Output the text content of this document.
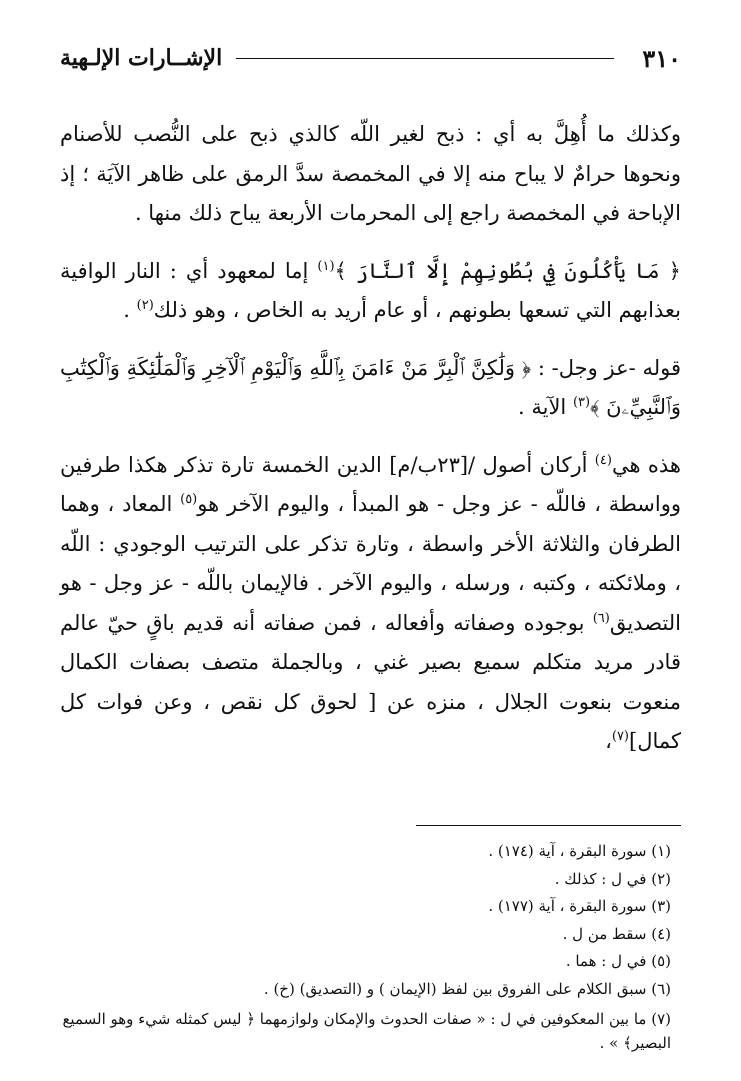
٣١٠
الإشــارات الإلـهية

وكذلك ما أُهِلَّ به أي : ذبح لغير اللّه كالذي ذبح على النُّصب للأصنام ونحوها حرامٌ لا يباح منه إلا في المخمصة سدَّ الرمق على ظاهر الآيَة ؛ إذ الإباحة في المخمصة راجع إلى المحرمات الأربعة يباح ذلك منها .

﴿ مَا يَأْكُلُونَ فِي بُطُونِهِمْ إِلَّا ٱلنَّارَ ﴾$^{(١)}$ إما لمعهود أي : النار الوافية بعذابهم التي تسعها بطونهم ، أو عام أريد به الخاص ، وهو ذلك$^{(٢)}$ .

قوله -عز وجل- : ﴿ وَلَٰكِنَّ ٱلْبِرَّ مَنْ ءَامَنَ بِٱللَّهِ وَٱلْيَوْمِ ٱلْآخِرِ وَٱلْمَلَٰٓئِكَةِ وَٱلْكِتَٰبِ وَٱلنَّبِيِّۦنَ ﴾$^{(٣)}$ الآية .

هذه هي$^{(٤)}$ أركان أصول /[٢٣ب/م] الدين الخمسة تارة تذكر هكذا طرفين وواسطة ، فاللّه - عز وجل - هو المبدأ ، واليوم الآخر هو$^{(٥)}$ المعاد ، وهما الطرفان والثلاثة الأخر واسطة ، وتارة تذكر على الترتيب الوجودي : اللّه ، وملائكته ، وكتبه ، ورسله ، واليوم الآخر . فالإيمان باللّه - عز وجل - هو التصديق$^{(٦)}$ بوجوده وصفاته وأفعاله ، فمن صفاته أنه قديم باقٍ حيّ عالم قادر مريد متكلم سميع بصير غني ، وبالجملة متصف بصفات الكمال منعوت بنعوت الجلال ، منزه عن [ لحوق كل نقص ، وعن فوات كل كمال]$^{(٧)}$،

(١) سورة البقرة ، آية (١٧٤) .

(٢) في ل : كذلك .

(٣) سورة البقرة ، آية (١٧٧) .

(٤) سقط من ل .

(٥) في ل : هما .

(٦) سبق الكلام على الفروق بين لفظ (الإيمان ) و (التصديق) (خ) .

(٧) ما بين المعكوفين في ل : « صفات الحدوث والإمكان ولوازمهما ﴿ ليس كمثله شيء وهو السميع البصير﴾ » .
